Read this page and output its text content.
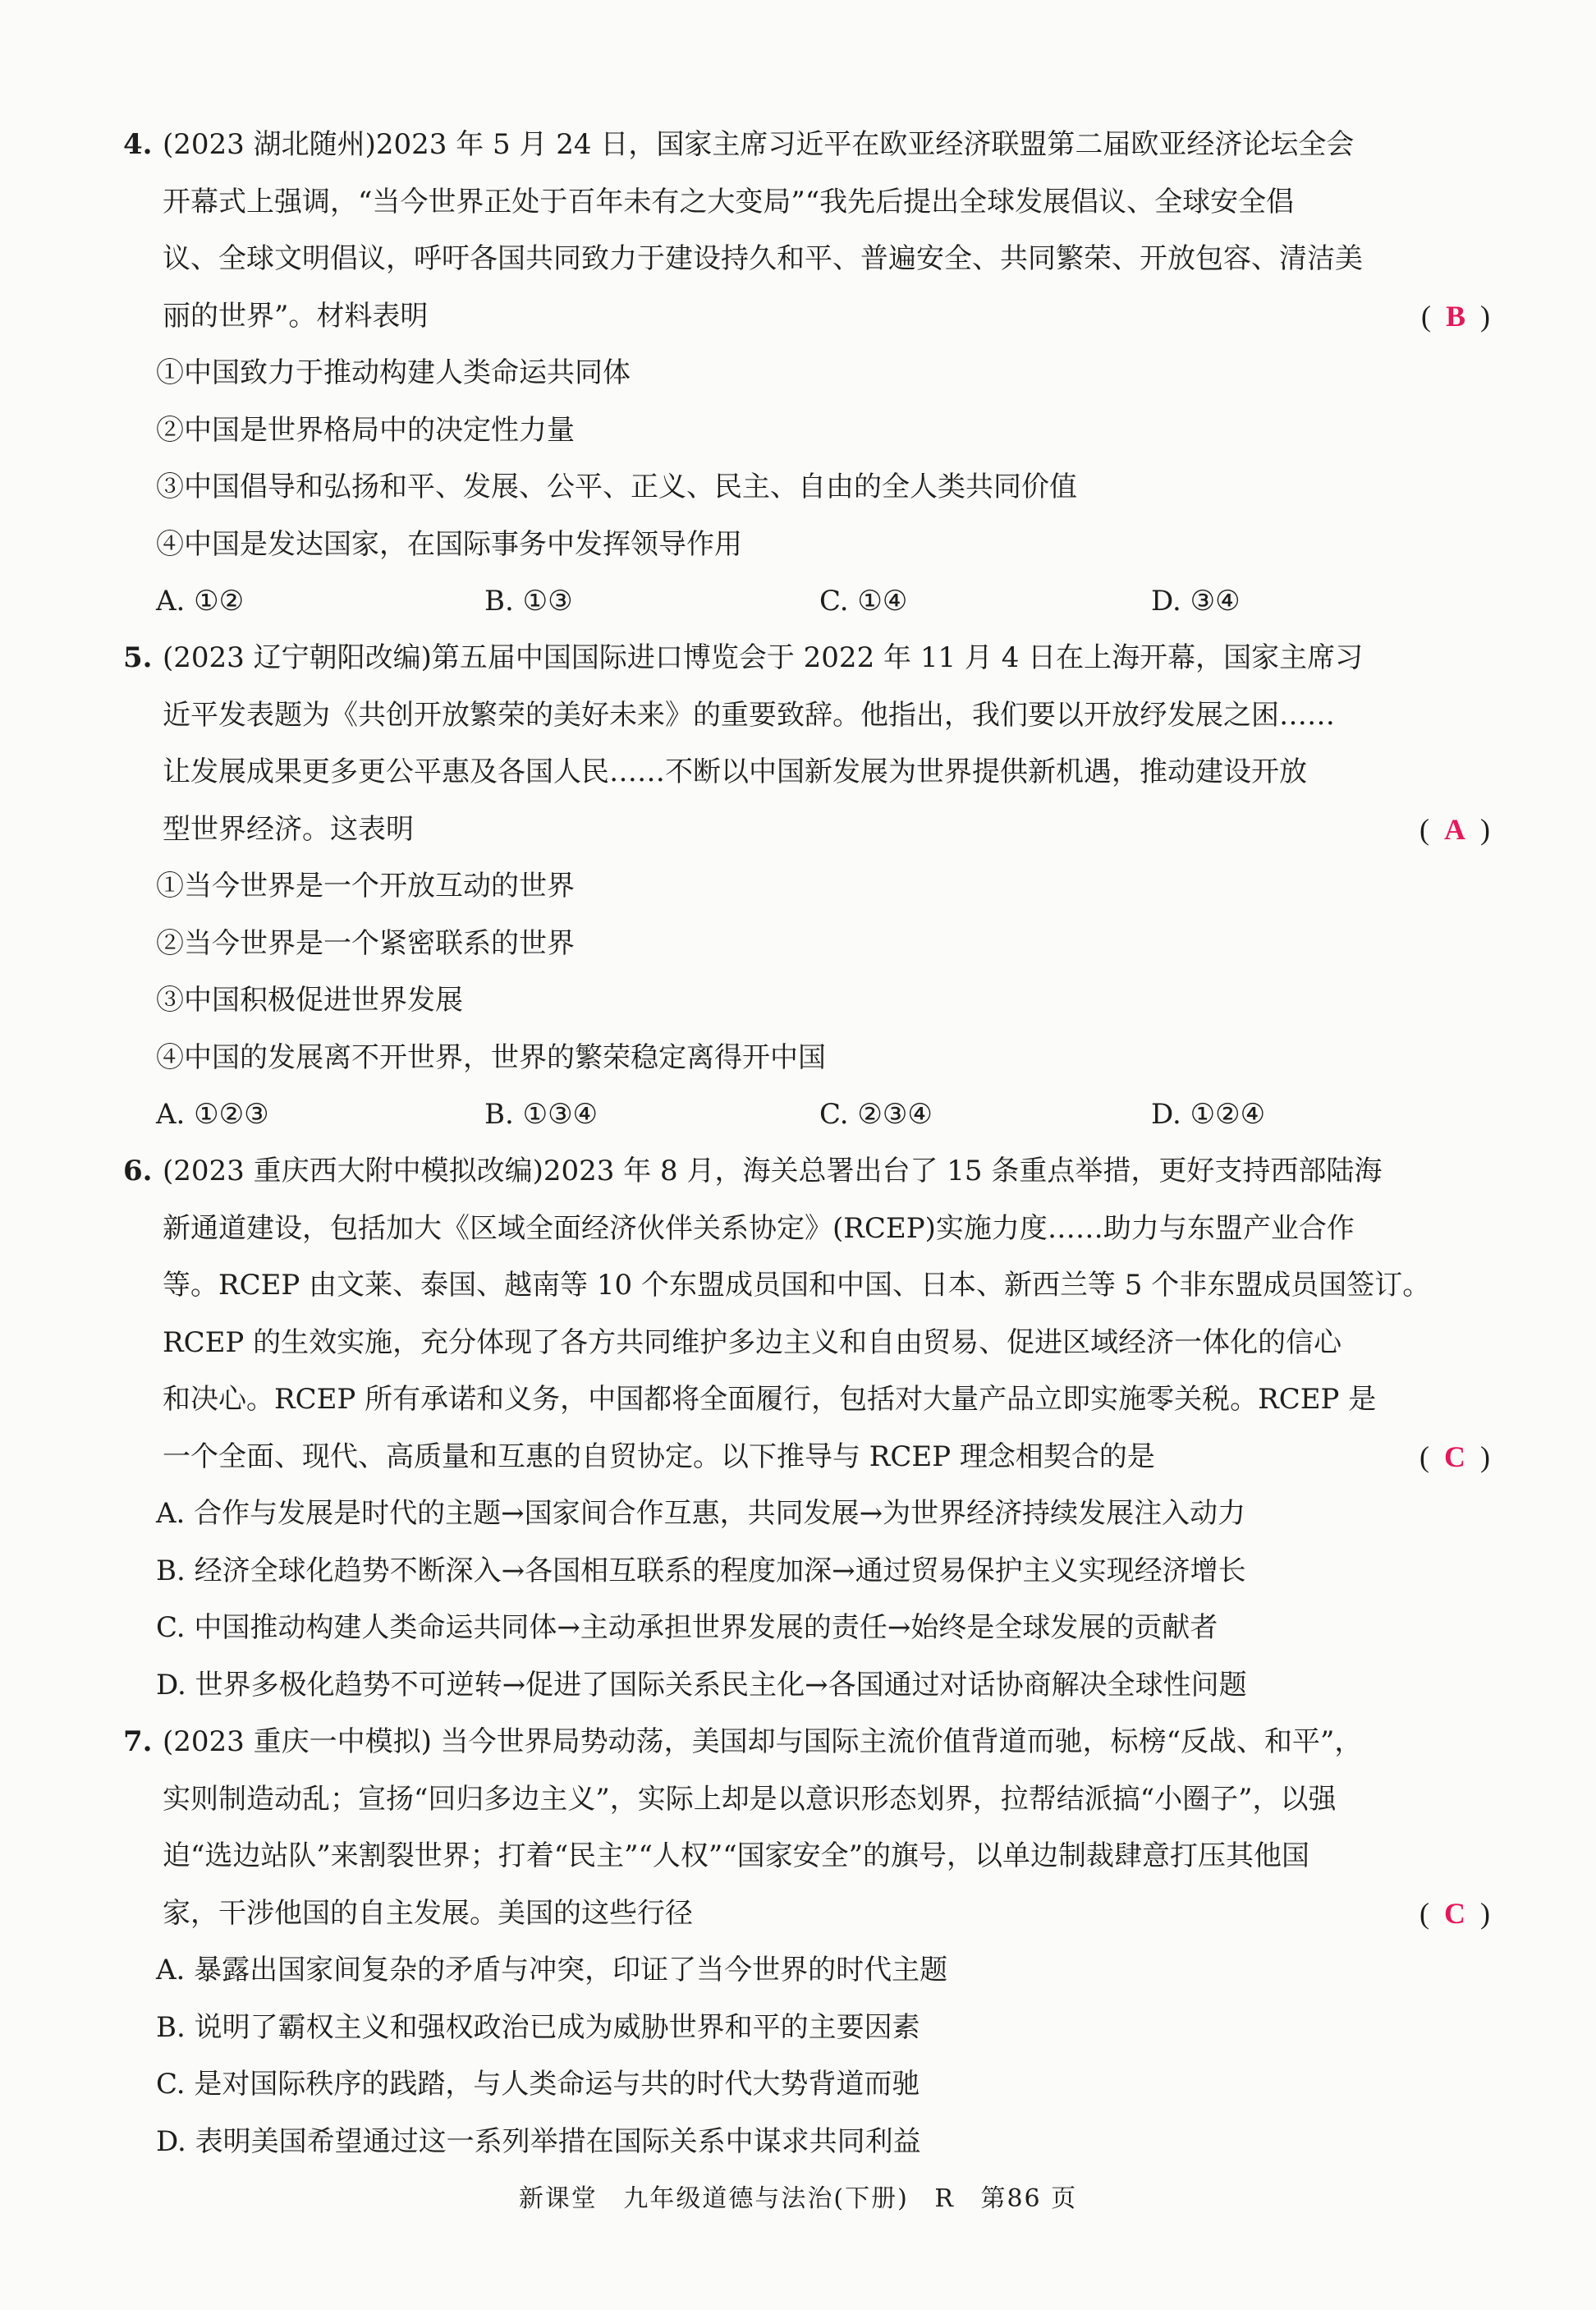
4. (2023 湖北随州)2023 年 5 月 24 日，国家主席习近平在欧亚经济联盟第二届欧亚经济论坛全会
开幕式上强调，“当今世界正处于百年未有之大变局”“我先后提出全球发展倡议、全球安全倡
议、全球文明倡议，呼吁各国共同致力于建设持久和平、普遍安全、共同繁荣、开放包容、清洁美
丽的世界”。材料表明	( B )
①中国致力于推动构建人类命运共同体
②中国是世界格局中的决定性力量
③中国倡导和弘扬和平、发展、公平、正义、民主、自由的全人类共同价值
④中国是发达国家，在国际事务中发挥领导作用
A. ①②	B. ①③	C. ①④	D. ③④
5. (2023 辽宁朝阳改编)第五届中国国际进口博览会于 2022 年 11 月 4 日在上海开幕，国家主席习
近平发表题为《共创开放繁荣的美好未来》的重要致辞。他指出，我们要以开放纾发展之困……
让发展成果更多更公平惠及各国人民……不断以中国新发展为世界提供新机遇，推动建设开放
型世界经济。这表明	( A )
①当今世界是一个开放互动的世界
②当今世界是一个紧密联系的世界
③中国积极促进世界发展
④中国的发展离不开世界，世界的繁荣稳定离得开中国
A. ①②③	B. ①③④	C. ②③④	D. ①②④
6. (2023 重庆西大附中模拟改编)2023 年 8 月，海关总署出台了 15 条重点举措，更好支持西部陆海
新通道建设，包括加大《区域全面经济伙伴关系协定》(RCEP)实施力度……助力与东盟产业合作
等。RCEP 由文莱、泰国、越南等 10 个东盟成员国和中国、日本、新西兰等 5 个非东盟成员国签订。
RCEP 的生效实施，充分体现了各方共同维护多边主义和自由贸易、促进区域经济一体化的信心
和决心。RCEP 所有承诺和义务，中国都将全面履行，包括对大量产品立即实施零关税。RCEP 是
一个全面、现代、高质量和互惠的自贸协定。以下推导与 RCEP 理念相契合的是	( C )
A. 合作与发展是时代的主题→国家间合作互惠，共同发展→为世界经济持续发展注入动力
B. 经济全球化趋势不断深入→各国相互联系的程度加深→通过贸易保护主义实现经济增长
C. 中国推动构建人类命运共同体→主动承担世界发展的责任→始终是全球发展的贡献者
D. 世界多极化趋势不可逆转→促进了国际关系民主化→各国通过对话协商解决全球性问题
7. (2023 重庆一中模拟) 当今世界局势动荡，美国却与国际主流价值背道而驰，标榜“反战、和平”，
实则制造动乱；宣扬“回归多边主义”，实际上却是以意识形态划界，拉帮结派搞“小圈子”，以强
迫“选边站队”来割裂世界；打着“民主”“人权”“国家安全”的旗号，以单边制裁肆意打压其他国
家，干涉他国的自主发展。美国的这些行径	( C )
A. 暴露出国家间复杂的矛盾与冲突，印证了当今世界的时代主题
B. 说明了霸权主义和强权政治已成为威胁世界和平的主要因素
C. 是对国际秩序的践踏，与人类命运与共的时代大势背道而驰
D. 表明美国希望通过这一系列举措在国际关系中谋求共同利益
新课堂 九年级道德与法治(下册) R 第86 页
